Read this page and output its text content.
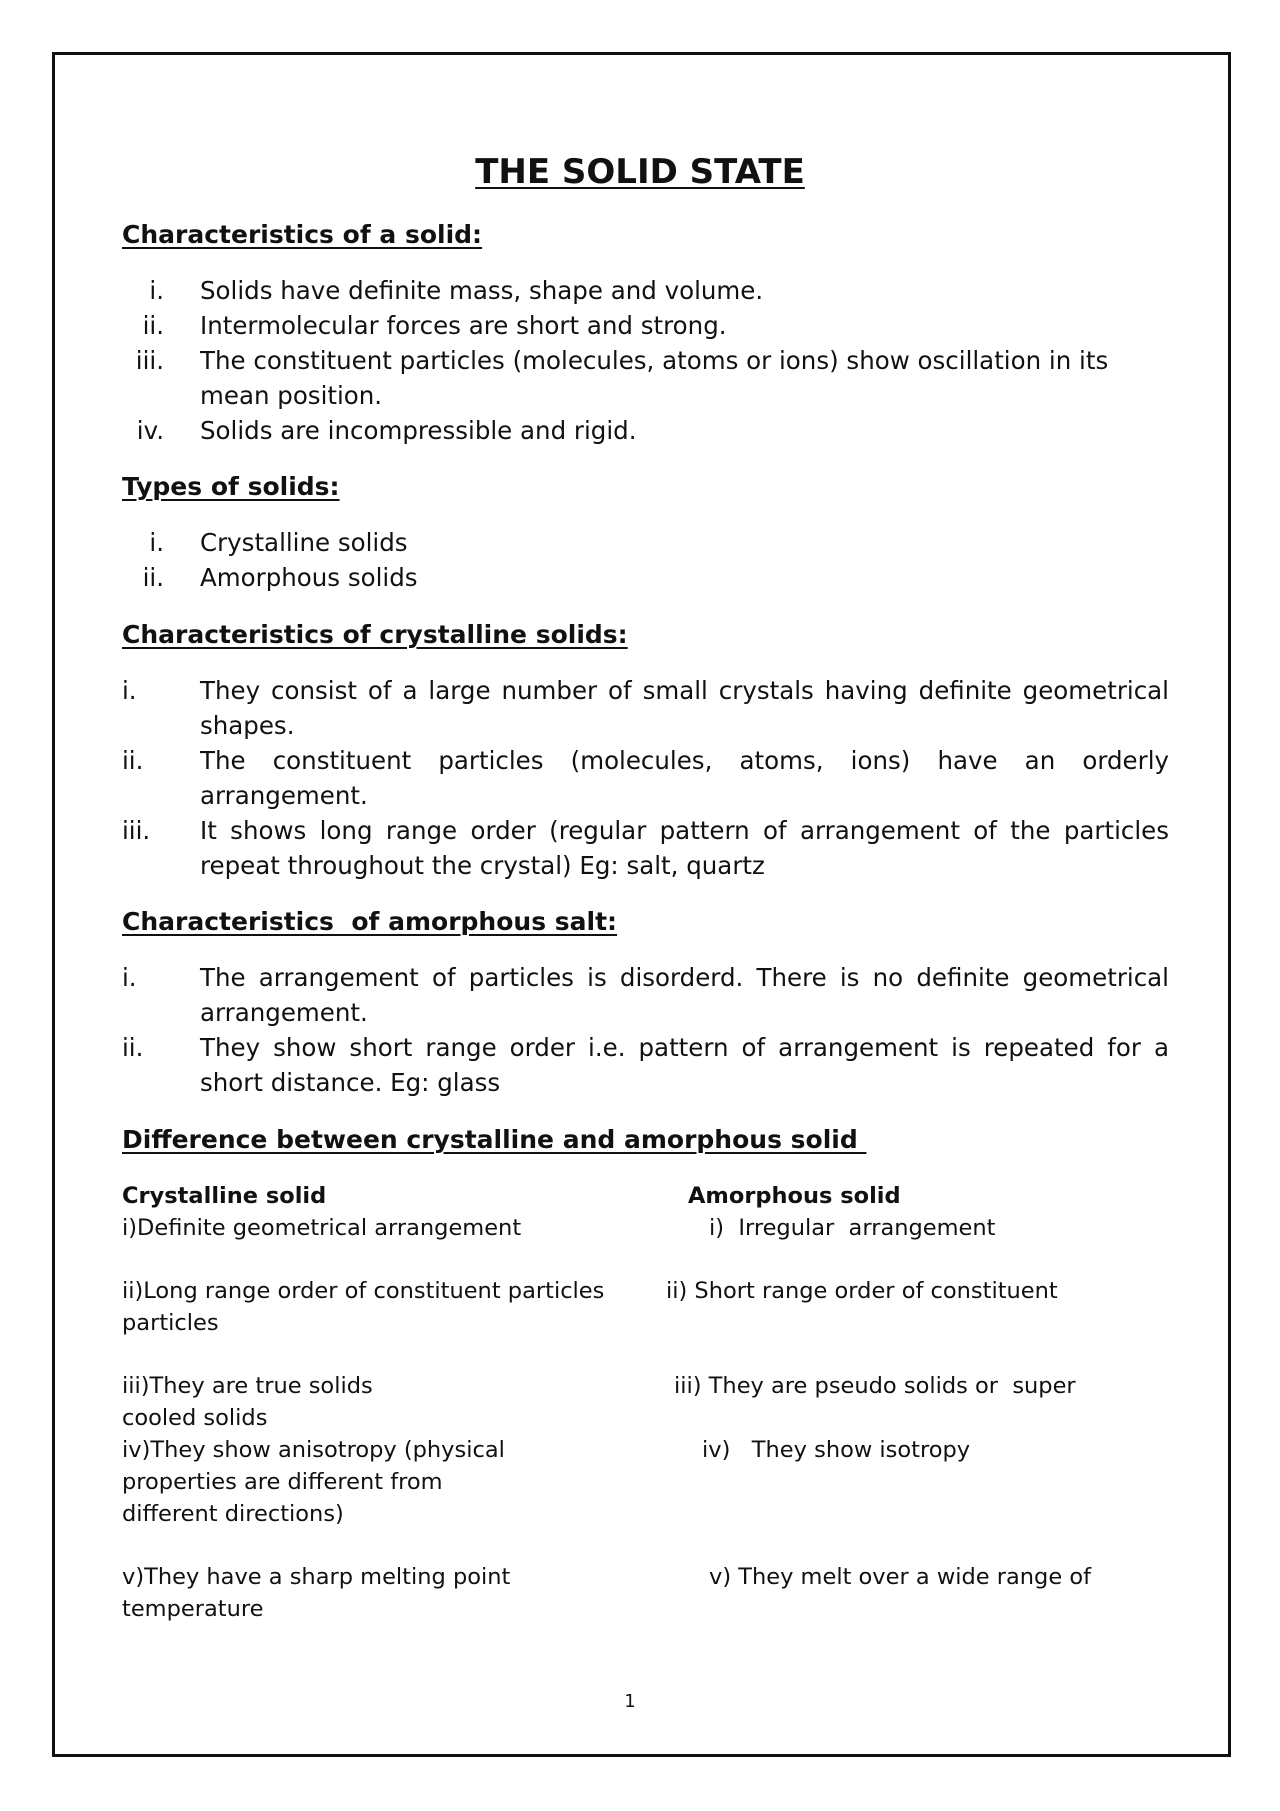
THE SOLID STATE
Characteristics of a solid:
i. Solids have definite mass, shape and volume.
ii. Intermolecular forces are short and strong.
iii. The constituent particles (molecules, atoms or ions) show oscillation in its mean position.
iv. Solids are incompressible and rigid.
Types of solids:
i. Crystalline solids
ii. Amorphous solids
Characteristics of crystalline solids:
i.	They consist of a large number of small crystals having definite geometrical shapes.
ii.	The constituent particles (molecules, atoms, ions) have an orderly arrangement.
iii.	It shows long range order (regular pattern of arrangement of the particles repeat throughout the crystal) Eg: salt, quartz
Characteristics  of amorphous salt:
i.	The arrangement of particles is disorderd. There is no definite geometrical arrangement.
ii.	They show short range order i.e. pattern of arrangement is repeated for a short distance. Eg: glass
Difference between crystalline and amorphous solid
Crystalline solid	Amorphous solid
i)Definite geometrical arrangement	i)  Irregular  arrangement
ii)Long range order of constituent particles	ii) Short range order of constituent
particles
iii)They are true solids	iii) They are pseudo solids or  super
cooled solids
iv)They show anisotropy (physical	iv)   They show isotropy
properties are different from
different directions)
v)They have a sharp melting point	v) They melt over a wide range of
temperature
1
